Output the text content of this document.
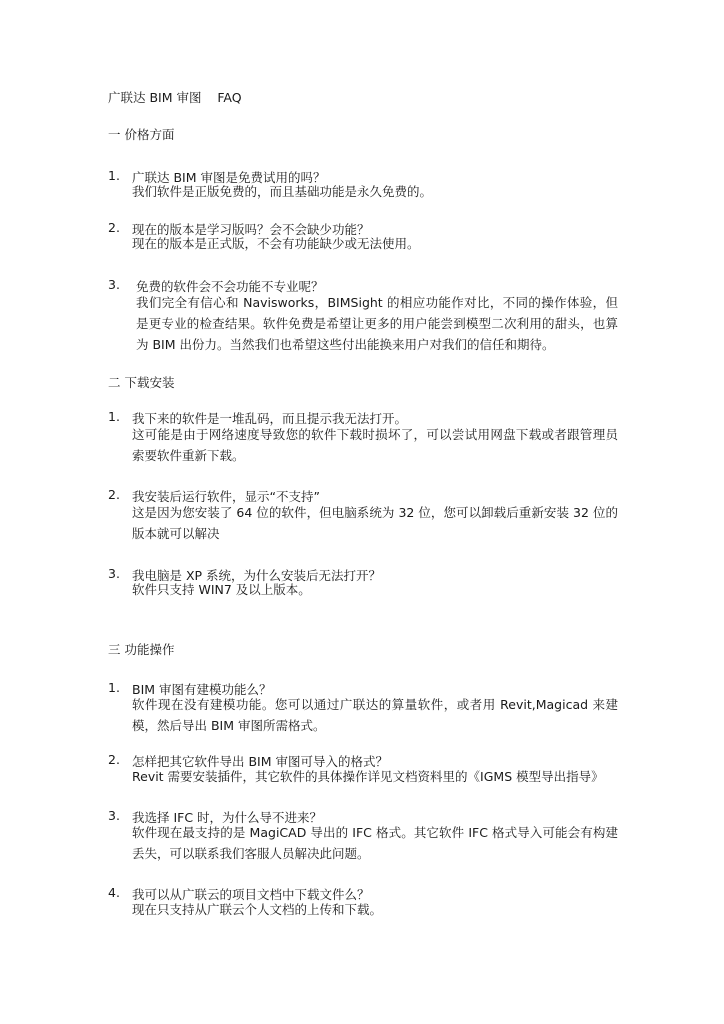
广联达 BIM 审图    FAQ
一 价格方面
1. 广联达 BIM 审图是免费试用的吗？
我们软件是正版免费的，而且基础功能是永久免费的。
2. 现在的版本是学习版吗？会不会缺少功能？
现在的版本是正式版，不会有功能缺少或无法使用。
3. 免费的软件会不会功能不专业呢？
我们完全有信心和 Navisworks，BIMSight 的相应功能作对比，不同的操作体验，但是更专业的检查结果。软件免费是希望让更多的用户能尝到模型二次利用的甜头，也算为 BIM 出份力。当然我们也希望这些付出能换来用户对我们的信任和期待。
二 下载安装
1. 我下来的软件是一堆乱码，而且提示我无法打开。
这可能是由于网络速度导致您的软件下载时损坏了，可以尝试用网盘下载或者跟管理员索要软件重新下载。
2. 我安装后运行软件，显示“不支持”
这是因为您安装了 64 位的软件，但电脑系统为 32 位，您可以卸载后重新安装 32 位的版本就可以解决
3. 我电脑是 XP 系统，为什么安装后无法打开？
软件只支持 WIN7 及以上版本。
三 功能操作
1. BIM 审图有建模功能么？
软件现在没有建模功能。您可以通过广联达的算量软件，或者用 Revit,Magicad 来建模，然后导出 BIM 审图所需格式。
2. 怎样把其它软件导出 BIM 审图可导入的格式？
Revit 需要安装插件，其它软件的具体操作详见文档资料里的《IGMS 模型导出指导》
3. 我选择 IFC 时，为什么导不进来？
软件现在最支持的是 MagiCAD 导出的 IFC 格式。其它软件 IFC 格式导入可能会有构建丢失，可以联系我们客服人员解决此问题。
4. 我可以从广联云的项目文档中下载文件么？
现在只支持从广联云个人文档的上传和下载。
